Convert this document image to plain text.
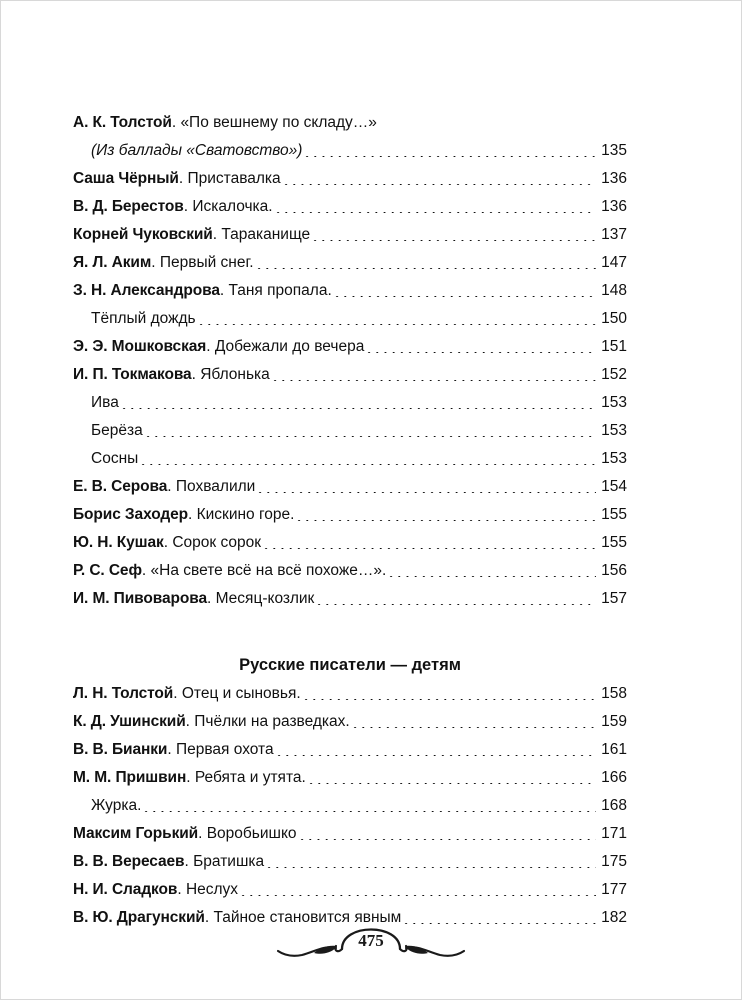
А. К. Толстой. «По вешнему по складу…»
(Из баллады «Сватовство»)	135
Саша Чёрный. Приставалка	136
В. Д. Берестов. Искалочка.	136
Корней Чуковский. Тараканище	137
Я. Л. Аким. Первый снег.	147
З. Н. Александрова. Таня пропала.	148
Тёплый дождь	150
Э. Э. Мошковская. Добежали до вечера	151
И. П. Токмакова. Яблонька	152
Ива	153
Берёза	153
Сосны	153
Е. В. Серова. Похвалили	154
Борис Заходер. Кискино горе.	155
Ю. Н. Кушак. Сорок сорок	155
Р. С. Сеф. «На свете всё на всё похоже…».	156
И. М. Пивоварова. Месяц-козлик	157
Русские писатели — детям
Л. Н. Толстой. Отец и сыновья.	158
К. Д. Ушинский. Пчёлки на разведках.	159
В. В. Бианки. Первая охота	161
М. М. Пришвин. Ребята и утята.	166
Журка.	168
Максим Горький. Воробьишко	171
В. В. Вересаев. Братишка	175
Н. И. Сладков. Неслух	177
В. Ю. Драгунский. Тайное становится явным	182
475
